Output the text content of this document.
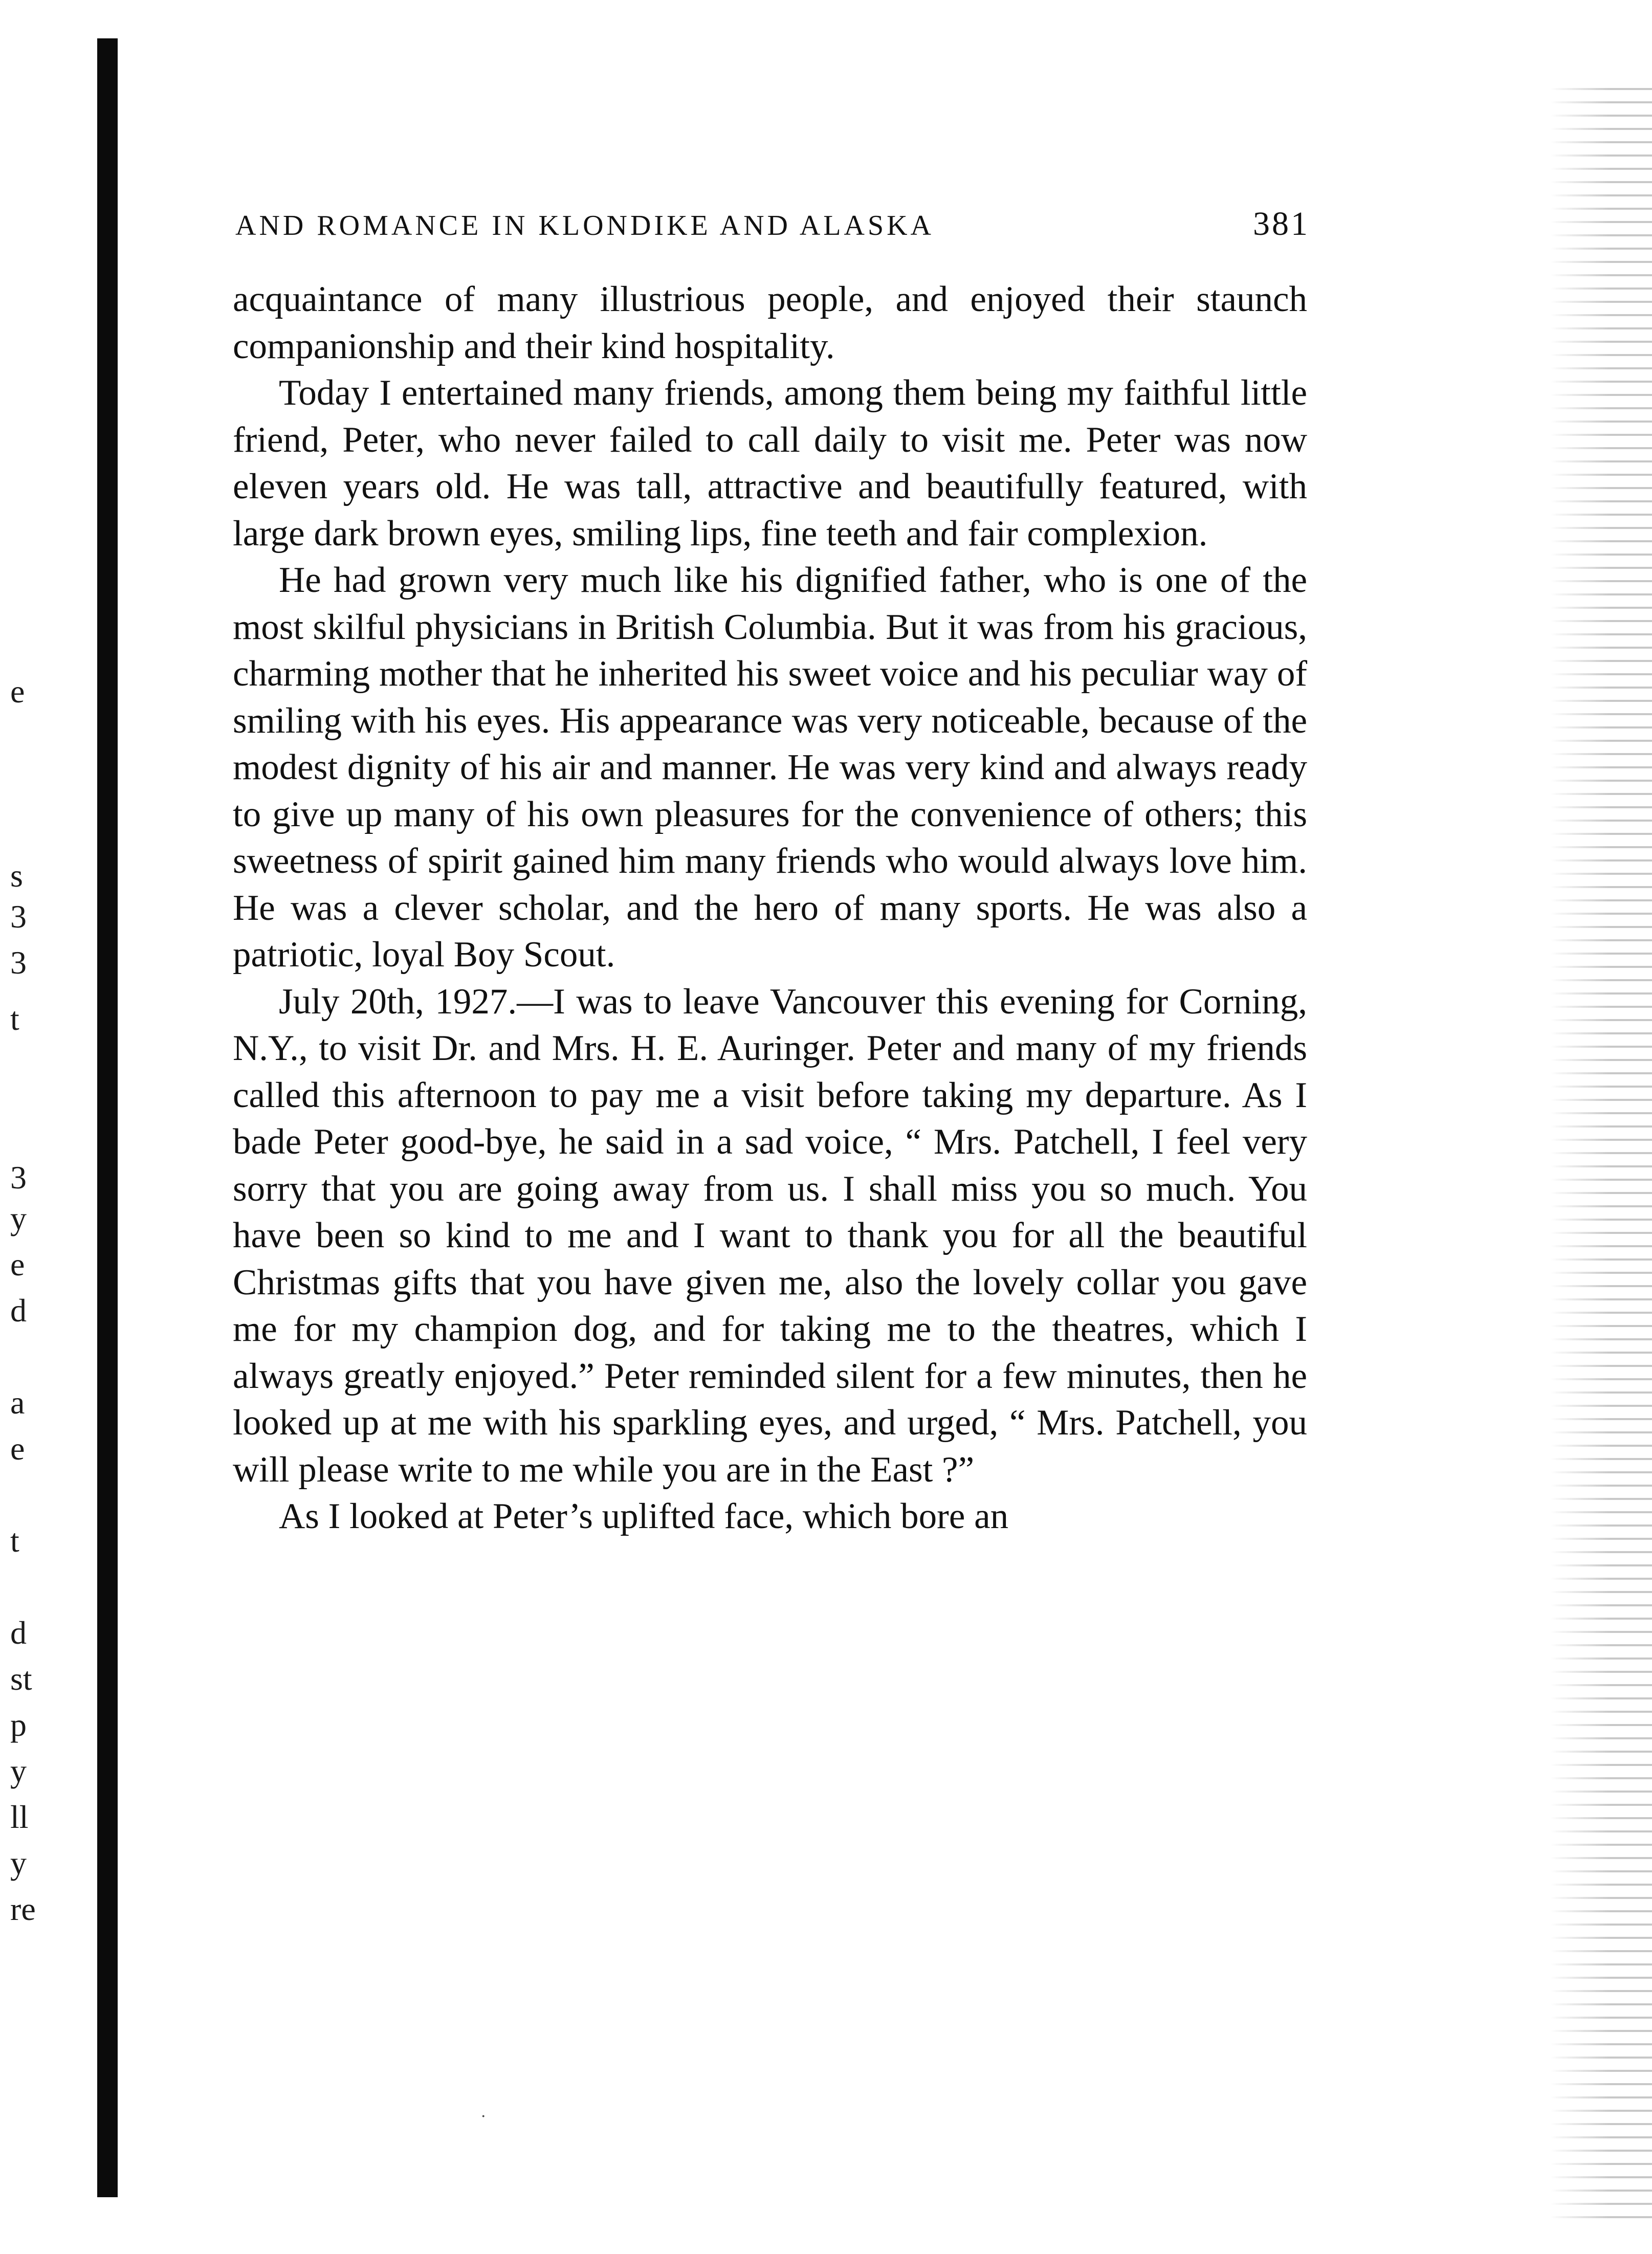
e
s
3
3
t
3
y
e
d
a
e
t
d
st
p
y
ll
y
re
AND ROMANCE IN KLONDIKE AND ALASKA	381

acquaintance of many illustrious people, and enjoyed their staunch companionship and their kind hospitality.

Today I entertained many friends, among them being my faithful little friend, Peter, who never failed to call daily to visit me. Peter was now eleven years old. He was tall, attractive and beautifully featured, with large dark brown eyes, smiling lips, fine teeth and fair complexion.

He had grown very much like his dignified father, who is one of the most skilful physicians in British Columbia. But it was from his gracious, charming mother that he inherited his sweet voice and his peculiar way of smiling with his eyes. His appearance was very noticeable, because of the modest dignity of his air and manner. He was very kind and always ready to give up many of his own pleasures for the convenience of others; this sweetness of spirit gained him many friends who would always love him. He was a clever scholar, and the hero of many sports. He was also a patriotic, loyal Boy Scout.

July 20th, 1927.—I was to leave Vancouver this evening for Corning, N.Y., to visit Dr. and Mrs. H. E. Auringer. Peter and many of my friends called this afternoon to pay me a visit before taking my departure. As I bade Peter good-bye, he said in a sad voice, “ Mrs. Patchell, I feel very sorry that you are going away from us. I shall miss you so much. You have been so kind to me and I want to thank you for all the beautiful Christmas gifts that you have given me, also the lovely collar you gave me for my champion dog, and for taking me to the theatres, which I always greatly enjoyed.” Peter reminded silent for a few minutes, then he looked up at me with his sparkling eyes, and urged, “ Mrs. Patchell, you will please write to me while you are in the East ?”

As I looked at Peter’s uplifted face, which bore an

·
